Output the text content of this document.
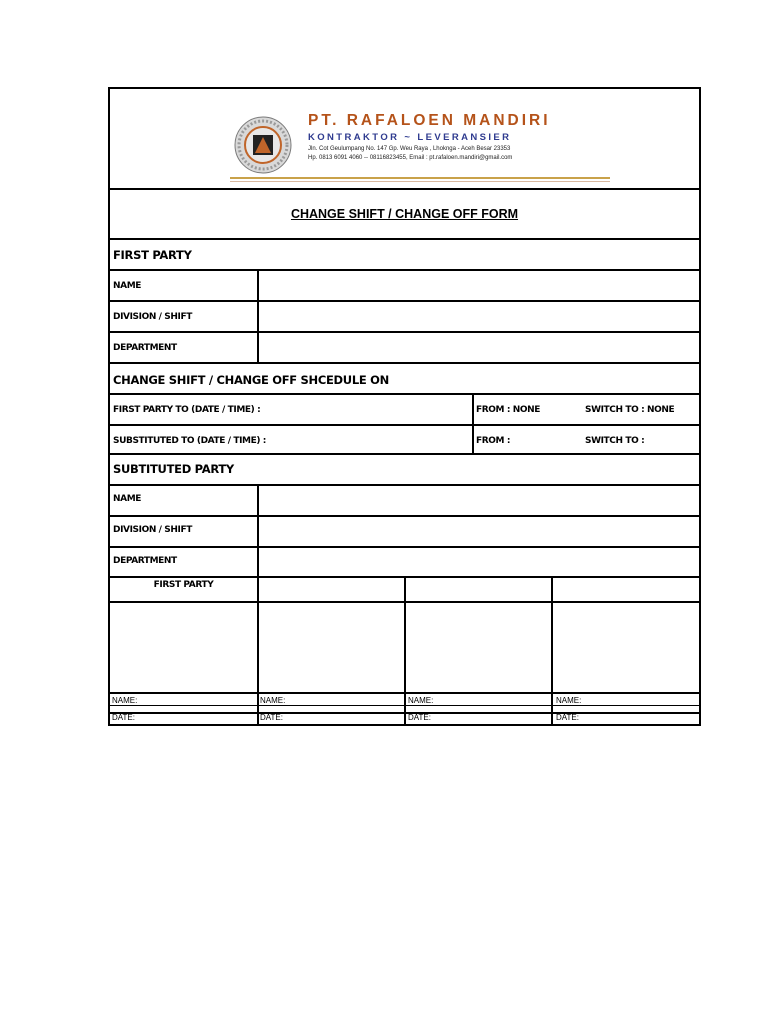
PT. RAFALOEN MANDIRI
KONTRAKTOR ~ LEVERANSIER
Jln. Cot Geulumpang No. 147 Gp. Weu Raya , Lhoknga - Aceh Besar 23353
Hp. 0813 6091 4060 -- 08116823455, Email : pt.rafaloen.mandiri@gmail.com
CHANGE SHIFT / CHANGE OFF FORM
FIRST PARTY
NAME
DIVISION / SHIFT
DEPARTMENT
CHANGE SHIFT / CHANGE OFF SHCEDULE ON
FIRST PARTY TO (DATE / TIME) :	FROM : NONE	SWITCH TO : NONE
SUBSTITUTED TO (DATE / TIME) :	FROM :	SWITCH TO :
SUBTITUTED PARTY
NAME
DIVISION / SHIFT
DEPARTMENT
FIRST PARTY
NAME:	NAME:	NAME:	NAME:
DATE:	DATE:	DATE:	DATE:
